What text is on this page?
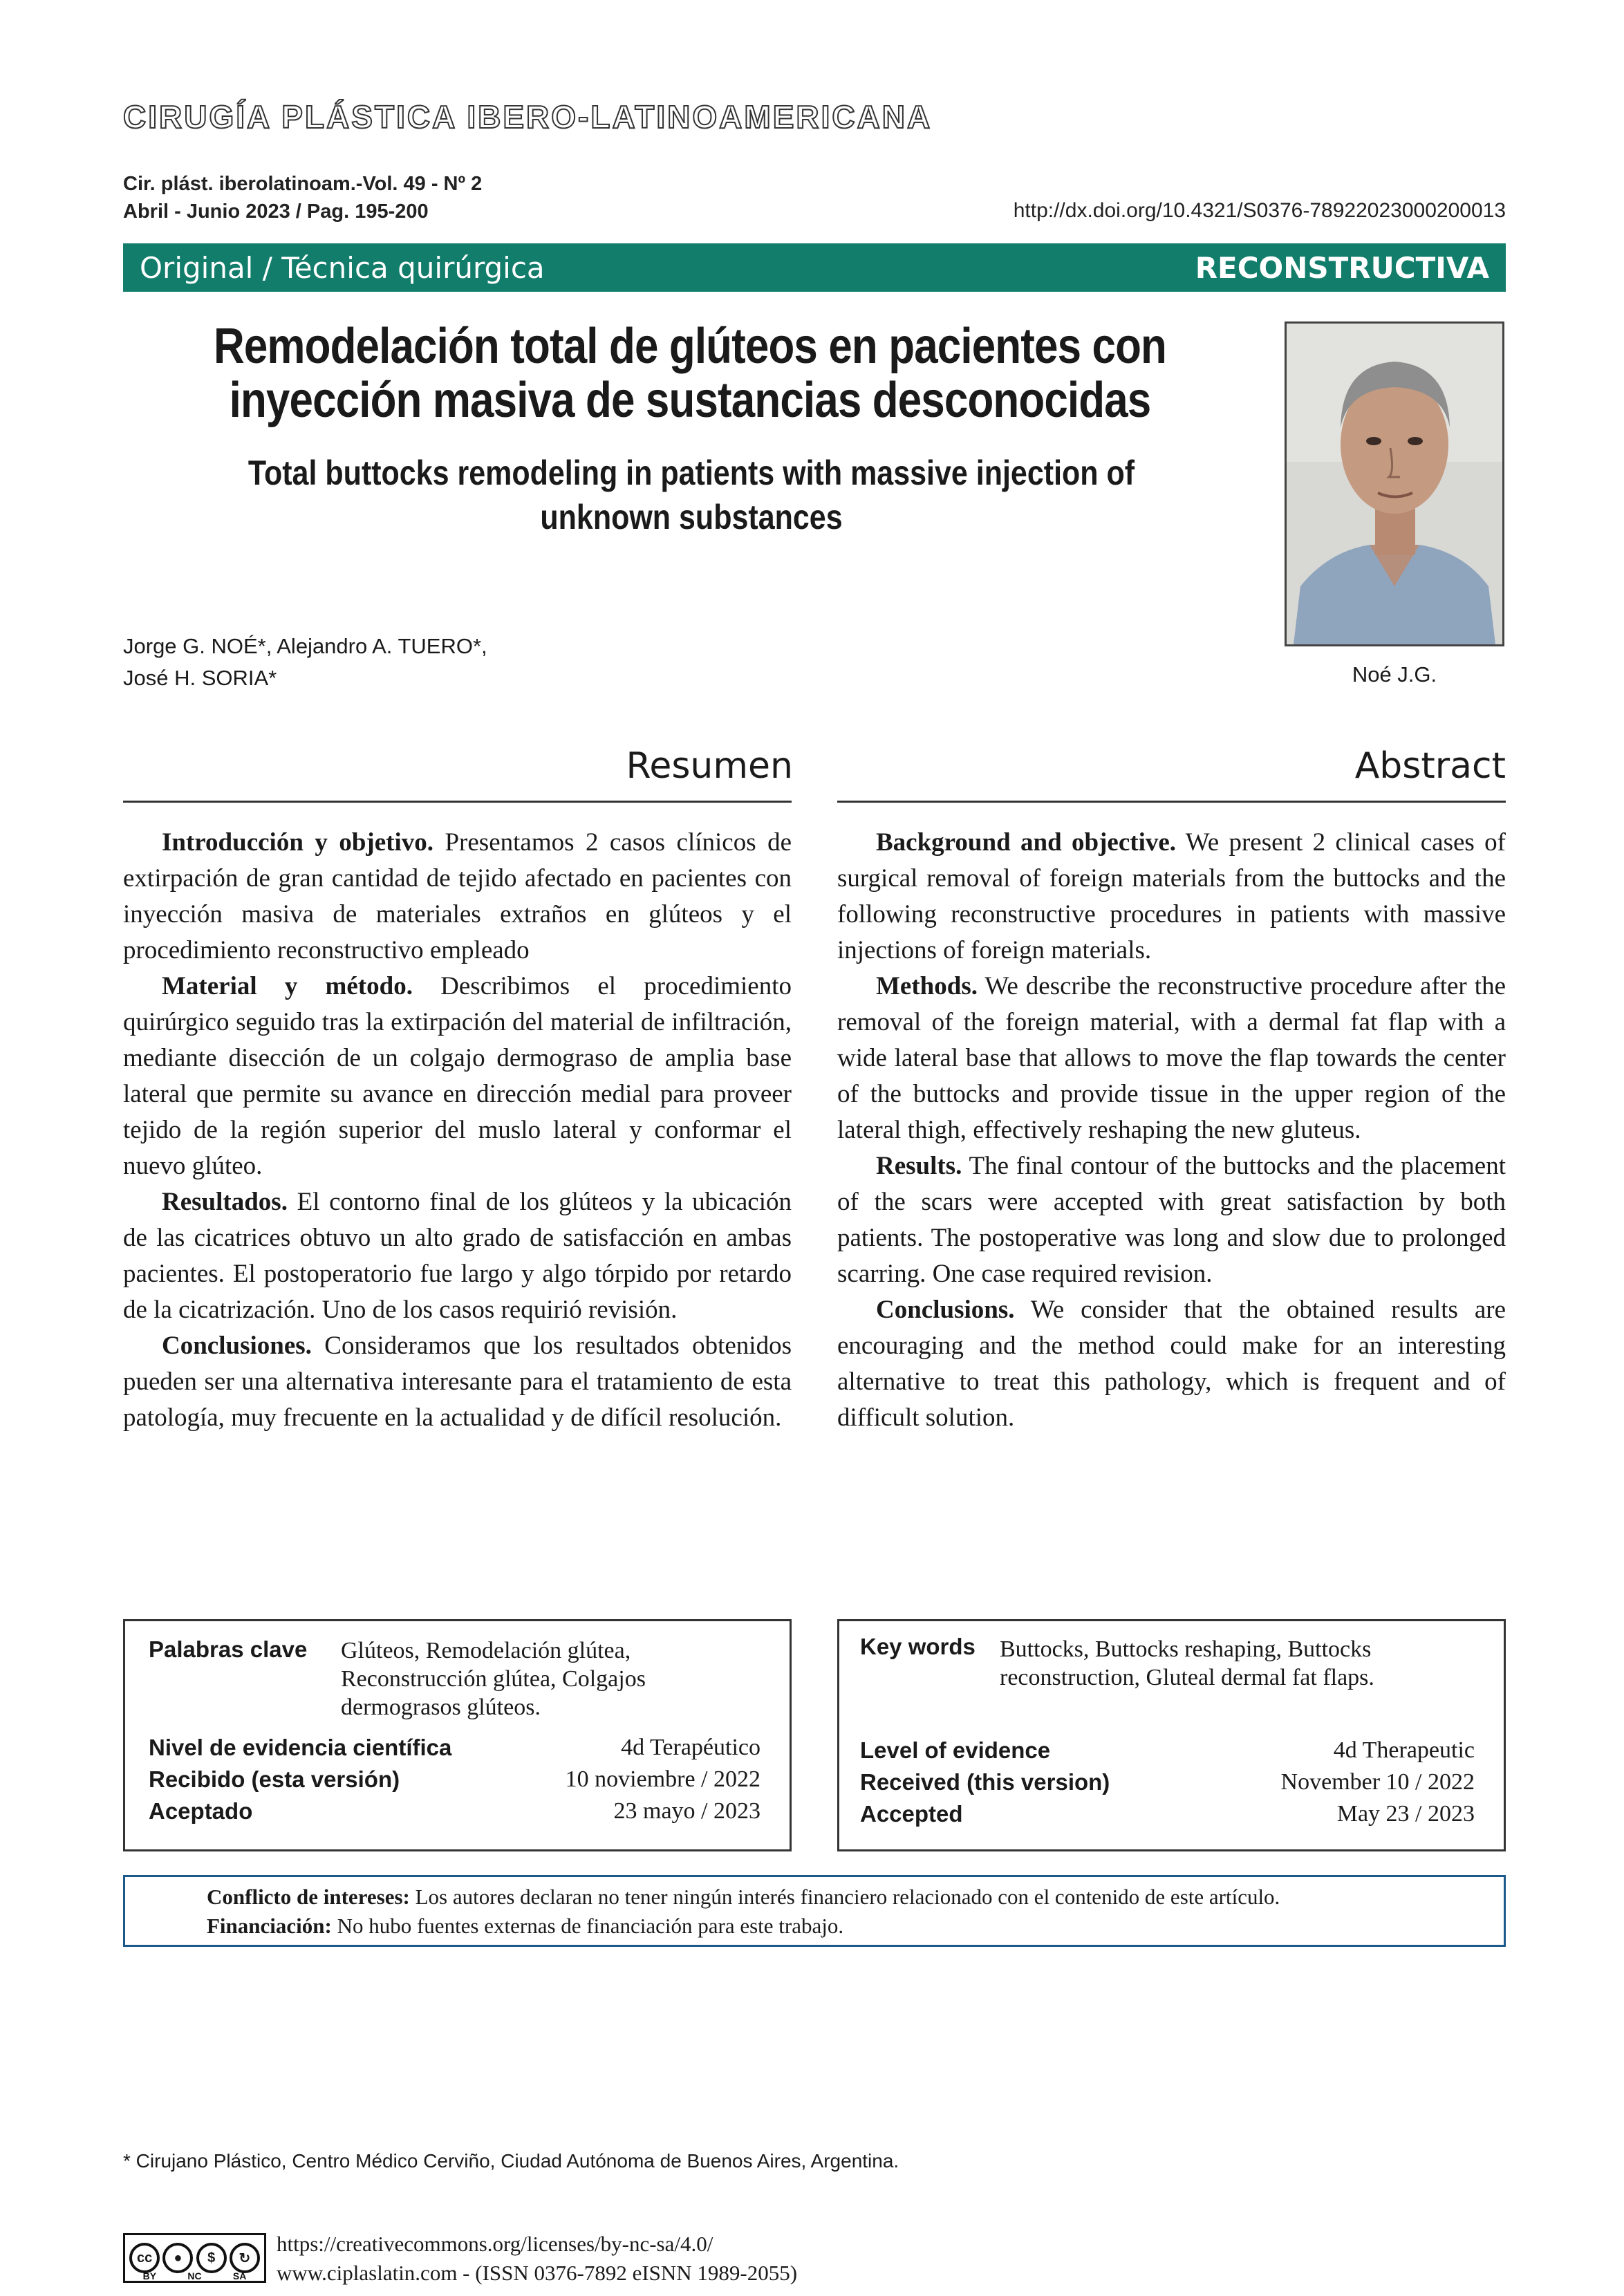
CIRUGÍA PLÁSTICA IBERO-LATINOAMERICANA
Cir. plást. iberolatinoam.-Vol. 49 - Nº 2
Abril - Junio 2023 / Pag. 195-200	http://dx.doi.org/10.4321/S0376-78922023000200013
Original / Técnica quirúrgica	RECONSTRUCTIVA
Remodelación total de glúteos en pacientes con inyección masiva de sustancias desconocidas
Total buttocks remodeling in patients with massive injection of unknown substances
Noé J.G.
Jorge G. NOÉ*, Alejandro A. TUERO*,
José H. SORIA*
Resumen	Abstract

Introducción y objetivo. Presentamos 2 casos clínicos de extirpación de gran cantidad de tejido afectado en pacientes con inyección masiva de materiales extraños en glúteos y el procedimiento reconstructivo empleado

Material y método. Describimos el procedimiento quirúrgico seguido tras la extirpación del material de infiltración, mediante disección de un colgajo dermograso de amplia base lateral que permite su avance en dirección medial para proveer tejido de la región superior del muslo lateral y conformar el nuevo glúteo.

Resultados. El contorno final de los glúteos y la ubicación de las cicatrices obtuvo un alto grado de satisfacción en ambas pacientes. El postoperatorio fue largo y algo tórpido por retardo de la cicatrización. Uno de los casos requirió revisión.

Conclusiones. Consideramos que los resultados obtenidos pueden ser una alternativa interesante para el tratamiento de esta patología, muy frecuente en la actualidad y de difícil resolución.

Background and objective. We present 2 clinical cases of surgical removal of foreign materials from the buttocks and the following reconstructive procedures in patients with massive injections of foreign materials.

Methods. We describe the reconstructive procedure after the removal of the foreign material, with a dermal fat flap with a wide lateral base that allows to move the flap towards the center of the buttocks and provide tissue in the upper region of the lateral thigh, effectively reshaping the new gluteus.

Results. The final contour of the buttocks and the placement of the scars were accepted with great satisfaction by both patients. The postoperative was long and slow due to prolonged scarring. One case required revision.

Conclusions. We consider that the obtained results are encouraging and the method could make for an interesting alternative to treat this pathology, which is frequent and of difficult solution.

Palabras clave Glúteos, Remodelación glútea, Reconstrucción glútea, Colgajos dermograsos glúteos.
Nivel de evidencia científica	4d Terapéutico
Recibido (esta versión)	10 noviembre / 2022
Aceptado	23 mayo / 2023
Key words Buttocks, Buttocks reshaping, Buttocks reconstruction, Gluteal dermal fat flaps.
Level of evidence	4d Therapeutic
Received (this version)	November 10 / 2022
Accepted	May 23 / 2023
Conflicto de intereses: Los autores declaran no tener ningún interés financiero relacionado con el contenido de este artículo.
Financiación: No hubo fuentes externas de financiación para este trabajo.
* Cirujano Plástico, Centro Médico Cerviño, Ciudad Autónoma de Buenos Aires, Argentina.
cc	●	$	↻
BY	NC	SA
https://creativecommons.org/licenses/by-nc-sa/4.0/
www.ciplaslatin.com - (ISSN 0376-7892 eISNN 1989-2055)
